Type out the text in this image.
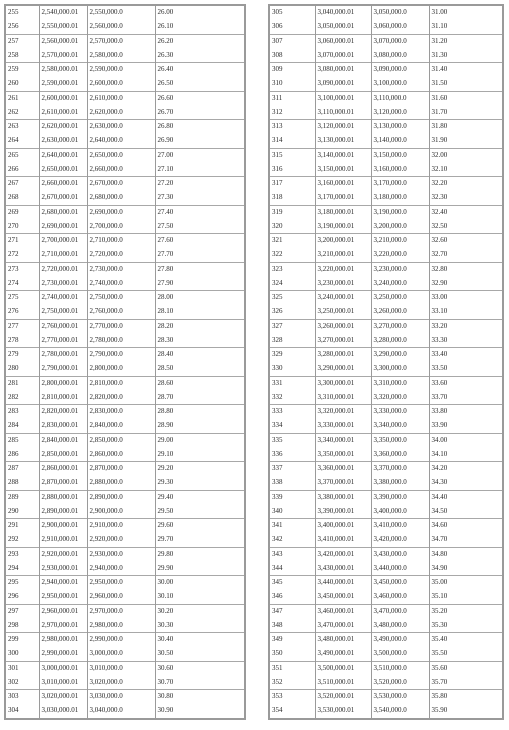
255	2,540,000.01	2,550,000.0	26.00
256	2,550,000.01	2,560,000.0	26.10
257	2,560,000.01	2,570,000.0	26.20
258	2,570,000.01	2,580,000.0	26.30
259	2,580,000.01	2,590,000.0	26.40
260	2,590,000.01	2,600,000.0	26.50
261	2,600,000.01	2,610,000.0	26.60
262	2,610,000.01	2,620,000.0	26.70
263	2,620,000.01	2,630,000.0	26.80
264	2,630,000.01	2,640,000.0	26.90
265	2,640,000.01	2,650,000.0	27.00
266	2,650,000.01	2,660,000.0	27.10
267	2,660,000.01	2,670,000.0	27.20
268	2,670,000.01	2,680,000.0	27.30
269	2,680,000.01	2,690,000.0	27.40
270	2,690,000.01	2,700,000.0	27.50
271	2,700,000.01	2,710,000.0	27.60
272	2,710,000.01	2,720,000.0	27.70
273	2,720,000.01	2,730,000.0	27.80
274	2,730,000.01	2,740,000.0	27.90
275	2,740,000.01	2,750,000.0	28.00
276	2,750,000.01	2,760,000.0	28.10
277	2,760,000.01	2,770,000.0	28.20
278	2,770,000.01	2,780,000.0	28.30
279	2,780,000.01	2,790,000.0	28.40
280	2,790,000.01	2,800,000.0	28.50
281	2,800,000.01	2,810,000.0	28.60
282	2,810,000.01	2,820,000.0	28.70
283	2,820,000.01	2,830,000.0	28.80
284	2,830,000.01	2,840,000.0	28.90
285	2,840,000.01	2,850,000.0	29.00
286	2,850,000.01	2,860,000.0	29.10
287	2,860,000.01	2,870,000.0	29.20
288	2,870,000.01	2,880,000.0	29.30
289	2,880,000.01	2,890,000.0	29.40
290	2,890,000.01	2,900,000.0	29.50
291	2,900,000.01	2,910,000.0	29.60
292	2,910,000.01	2,920,000.0	29.70
293	2,920,000.01	2,930,000.0	29.80
294	2,930,000.01	2,940,000.0	29.90
295	2,940,000.01	2,950,000.0	30.00
296	2,950,000.01	2,960,000.0	30.10
297	2,960,000.01	2,970,000.0	30.20
298	2,970,000.01	2,980,000.0	30.30
299	2,980,000.01	2,990,000.0	30.40
300	2,990,000.01	3,000,000.0	30.50
301	3,000,000.01	3,010,000.0	30.60
302	3,010,000.01	3,020,000.0	30.70
303	3,020,000.01	3,030,000.0	30.80
304	3,030,000.01	3,040,000.0	30.90
305	3,040,000.01	3,050,000.0	31.00
306	3,050,000.01	3,060,000.0	31.10
307	3,060,000.01	3,070,000.0	31.20
308	3,070,000.01	3,080,000.0	31.30
309	3,080,000.01	3,090,000.0	31.40
310	3,090,000.01	3,100,000.0	31.50
311	3,100,000.01	3,110,000.0	31.60
312	3,110,000.01	3,120,000.0	31.70
313	3,120,000.01	3,130,000.0	31.80
314	3,130,000.01	3,140,000.0	31.90
315	3,140,000.01	3,150,000.0	32.00
316	3,150,000.01	3,160,000.0	32.10
317	3,160,000.01	3,170,000.0	32.20
318	3,170,000.01	3,180,000.0	32.30
319	3,180,000.01	3,190,000.0	32.40
320	3,190,000.01	3,200,000.0	32.50
321	3,200,000.01	3,210,000.0	32.60
322	3,210,000.01	3,220,000.0	32.70
323	3,220,000.01	3,230,000.0	32.80
324	3,230,000.01	3,240,000.0	32.90
325	3,240,000.01	3,250,000.0	33.00
326	3,250,000.01	3,260,000.0	33.10
327	3,260,000.01	3,270,000.0	33.20
328	3,270,000.01	3,280,000.0	33.30
329	3,280,000.01	3,290,000.0	33.40
330	3,290,000.01	3,300,000.0	33.50
331	3,300,000.01	3,310,000.0	33.60
332	3,310,000.01	3,320,000.0	33.70
333	3,320,000.01	3,330,000.0	33.80
334	3,330,000.01	3,340,000.0	33.90
335	3,340,000.01	3,350,000.0	34.00
336	3,350,000.01	3,360,000.0	34.10
337	3,360,000.01	3,370,000.0	34.20
338	3,370,000.01	3,380,000.0	34.30
339	3,380,000.01	3,390,000.0	34.40
340	3,390,000.01	3,400,000.0	34.50
341	3,400,000.01	3,410,000.0	34.60
342	3,410,000.01	3,420,000.0	34.70
343	3,420,000.01	3,430,000.0	34.80
344	3,430,000.01	3,440,000.0	34.90
345	3,440,000.01	3,450,000.0	35.00
346	3,450,000.01	3,460,000.0	35.10
347	3,460,000.01	3,470,000.0	35.20
348	3,470,000.01	3,480,000.0	35.30
349	3,480,000.01	3,490,000.0	35.40
350	3,490,000.01	3,500,000.0	35.50
351	3,500,000.01	3,510,000.0	35.60
352	3,510,000.01	3,520,000.0	35.70
353	3,520,000.01	3,530,000.0	35.80
354	3,530,000.01	3,540,000.0	35.90
